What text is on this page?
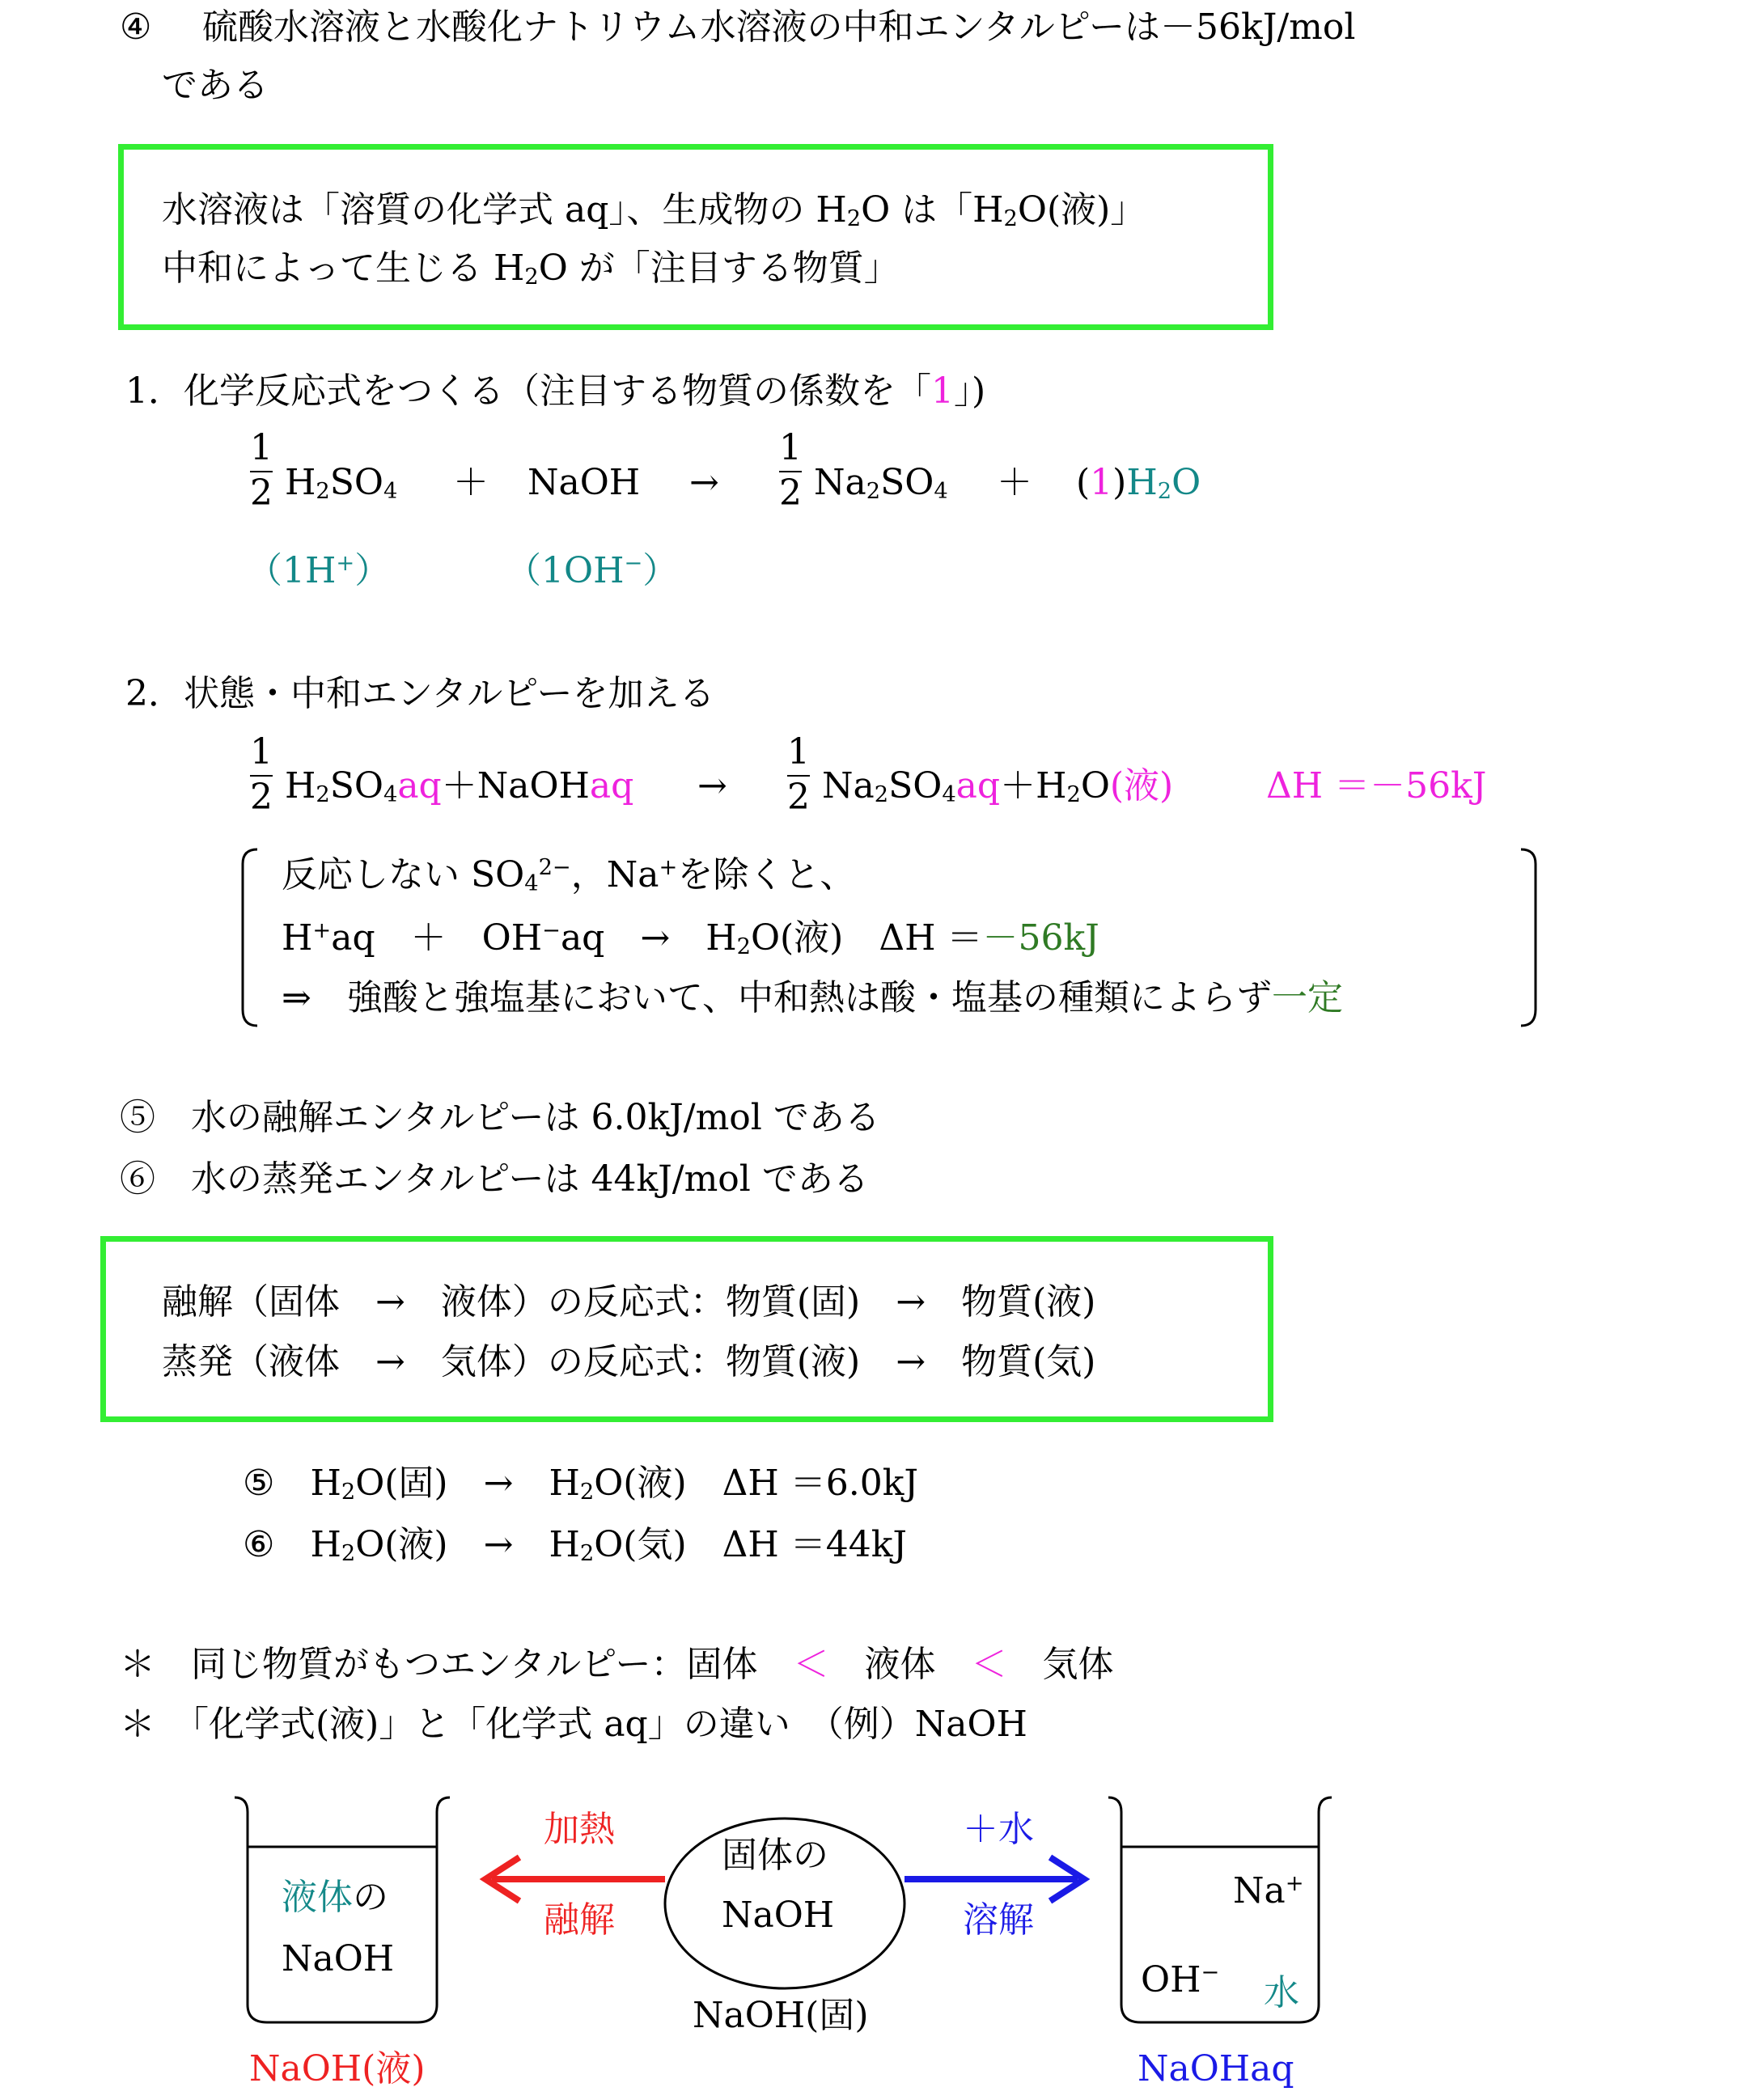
④ 硫酸水溶液と水酸化ナトリウム水溶液の中和エンタルピーは－56kJ/mol
である
水溶液は「溶質の化学式 aq」、生成物の $H_2O$ は「$H_2O$(液)」
中和によって生じる $H_2O$ が「注目する物質」
1．化学反応式をつくる（注目する物質の係数を「1」)
1
2 $H_2SO_4$ ＋ NaOH →
1
2 $Na_2SO_4 + (1)H_2O$
（1H+）	（1OH−）
2．状態・中和エンタルピーを加える
1
2 $H_2SO_4aq+NaOHaq$ →
1
2 $Na_2SO_4aq+H_2O$(液)	ΔH ＝－56kJ
反応しない $SO_4^{2-}$，Na+を除くと、
H+aq　＋　OH−aq　→　$H_2O$(液)　ΔH ＝－56kJ
⇒　強酸と強塩基において、中和熱は酸・塩基の種類によらず一定
⑤　水の融解エンタルピーは 6.0kJ/mol である
⑥　水の蒸発エンタルピーは 44kJ/mol である
融解（固体　→　液体）の反応式：物質(固)　→　物質(液)
蒸発（液体　→　気体）の反応式：物質(液)　→　物質(気)
⑤　$H_2O$(固)　→　$H_2O$(液)　ΔH ＝6.0kJ
⑥　$H_2O$(液)　→　$H_2O$(気)　ΔH ＝44kJ
＊　同じ物質がもつエンタルピー：固体　＜　液体　＜　気体
＊　「化学式(液)」と「化学式 aq」の違い　（例）NaOH
液体の
NaOH
NaOH(液)
加熱
融解
固体の
NaOH
NaOH(固)
＋水
溶解
Na+
OH− 水
NaOHaq
